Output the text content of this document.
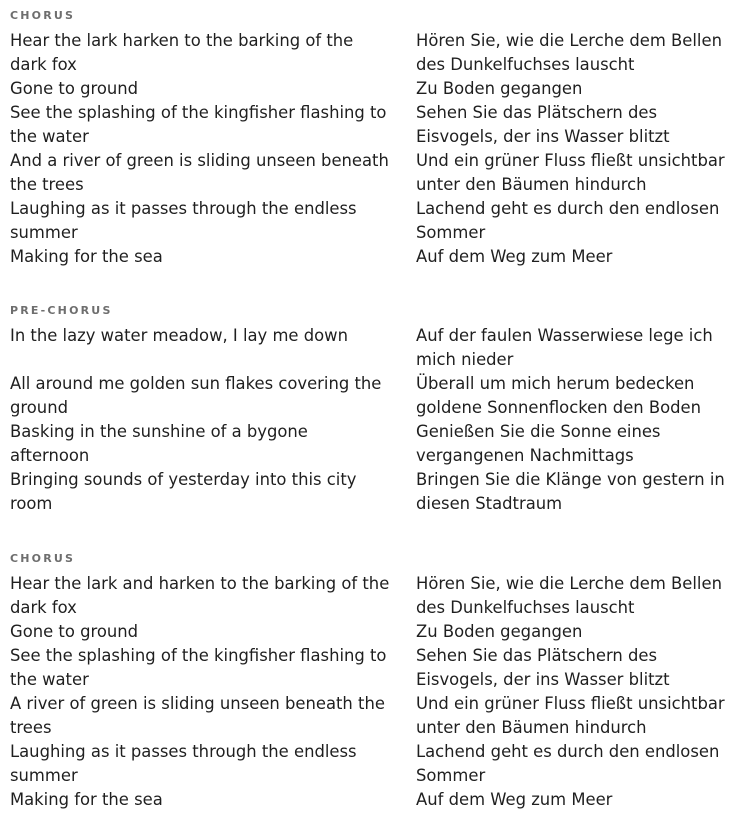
CHORUS
Hear the lark harken to the barking of the dark fox
Gone to ground
See the splashing of the kingfisher flashing to the water
And a river of green is sliding unseen beneath the trees
Laughing as it passes through the endless summer
Making for the sea
Hören Sie, wie die Lerche dem Bellen des Dunkelfuchses lauscht
Zu Boden gegangen
Sehen Sie das Plätschern des Eisvogels, der ins Wasser blitzt
Und ein grüner Fluss fließt unsichtbar unter den Bäumen hindurch
Lachend geht es durch den endlosen Sommer
Auf dem Weg zum Meer
PRE-CHORUS
In the lazy water meadow, I lay me down
All around me golden sun flakes covering the ground
Basking in the sunshine of a bygone afternoon
Bringing sounds of yesterday into this city room
Auf der faulen Wasserwiese lege ich mich nieder
Überall um mich herum bedecken goldene Sonnenflocken den Boden
Genießen Sie die Sonne eines vergangenen Nachmittags
Bringen Sie die Klänge von gestern in diesen Stadtraum
CHORUS
Hear the lark and harken to the barking of the dark fox
Gone to ground
See the splashing of the kingfisher flashing to the water
A river of green is sliding unseen beneath the trees
Laughing as it passes through the endless summer
Making for the sea
Hören Sie, wie die Lerche dem Bellen des Dunkelfuchses lauscht
Zu Boden gegangen
Sehen Sie das Plätschern des Eisvogels, der ins Wasser blitzt
Und ein grüner Fluss fließt unsichtbar unter den Bäumen hindurch
Lachend geht es durch den endlosen Sommer
Auf dem Weg zum Meer
